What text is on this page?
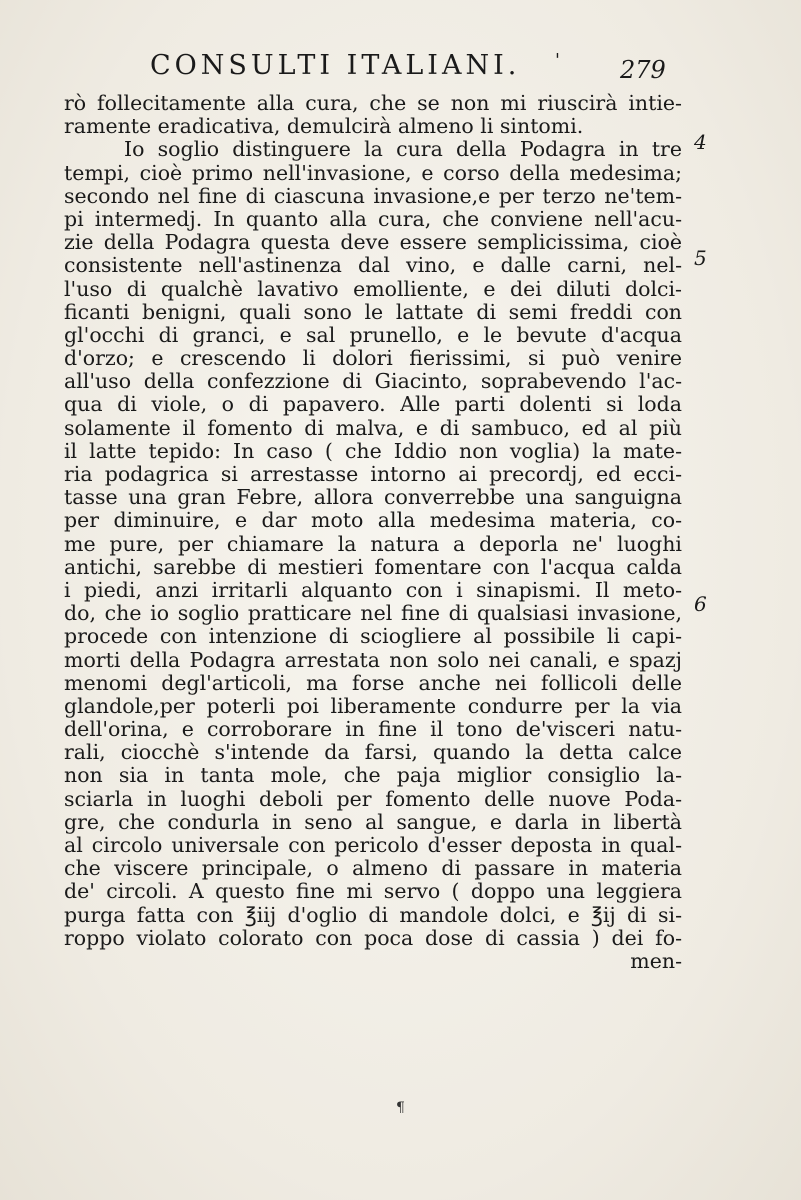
CONSULTI ITALIANI. '	279
rò follecitamente alla cura, che se non mi riuscirà intie-
ramente eradicativa, demulcirà almeno li sintomi.
Io soglio distinguere la cura della Podagra in tre
tempi, cioè primo nell'invasione, e corso della medesima;
secondo nel fine di ciascuna invasione,e per terzo ne'tem-
pi intermedj. In quanto alla cura, che conviene nell'acu-
zie della Podagra questa deve essere semplicissima, cioè
consistente nell'astinenza dal vino, e dalle carni, nel-
l'uso di qualchè lavativo emolliente, e dei diluti dolci-
ficanti benigni, quali sono le lattate di semi freddi con
gl'occhi di granci, e sal prunello, e le bevute d'acqua
d'orzo; e crescendo li dolori fierissimi, si può venire
all'uso della confezzione di Giacinto, soprabevendo l'ac-
qua di viole, o di papavero. Alle parti dolenti si loda
solamente il fomento di malva, e di sambuco, ed al più
il latte tepido: In caso ( che Iddio non voglia) la mate-
ria podagrica si arrestasse intorno ai precordj, ed ecci-
tasse una gran Febre, allora converrebbe una sanguigna
per diminuire, e dar moto alla medesima materia, co-
me pure, per chiamare la natura a deporla ne' luoghi
antichi, sarebbe di mestieri fomentare con l'acqua calda
i piedi, anzi irritarli alquanto con i sinapismi. Il meto-
do, che io soglio pratticare nel fine di qualsiasi invasione,
procede con intenzione di sciogliere al possibile li capi-
morti della Podagra arrestata non solo nei canali, e spazj
menomi degl'articoli, ma forse anche nei follicoli delle
glandole,per poterli poi liberamente condurre per la via
dell'orina, e corroborare in fine il tono de'visceri natu-
rali, ciocchè s'intende da farsi, quando la detta calce
non sia in tanta mole, che paja miglior consiglio la-
sciarla in luoghi deboli per fomento delle nuove Poda-
gre, che condurla in seno al sangue, e darla in libertà
al circolo universale con pericolo d'esser deposta in qual-
che viscere principale, o almeno di passare in materia
de' circoli. A questo fine mi servo ( doppo una leggiera
purga fatta con ℥iij d'oglio di mandole dolci, e ℥ij di si-
roppo violato colorato con poca dose di cassia ) dei fo-
men-
4
5
6
¶
